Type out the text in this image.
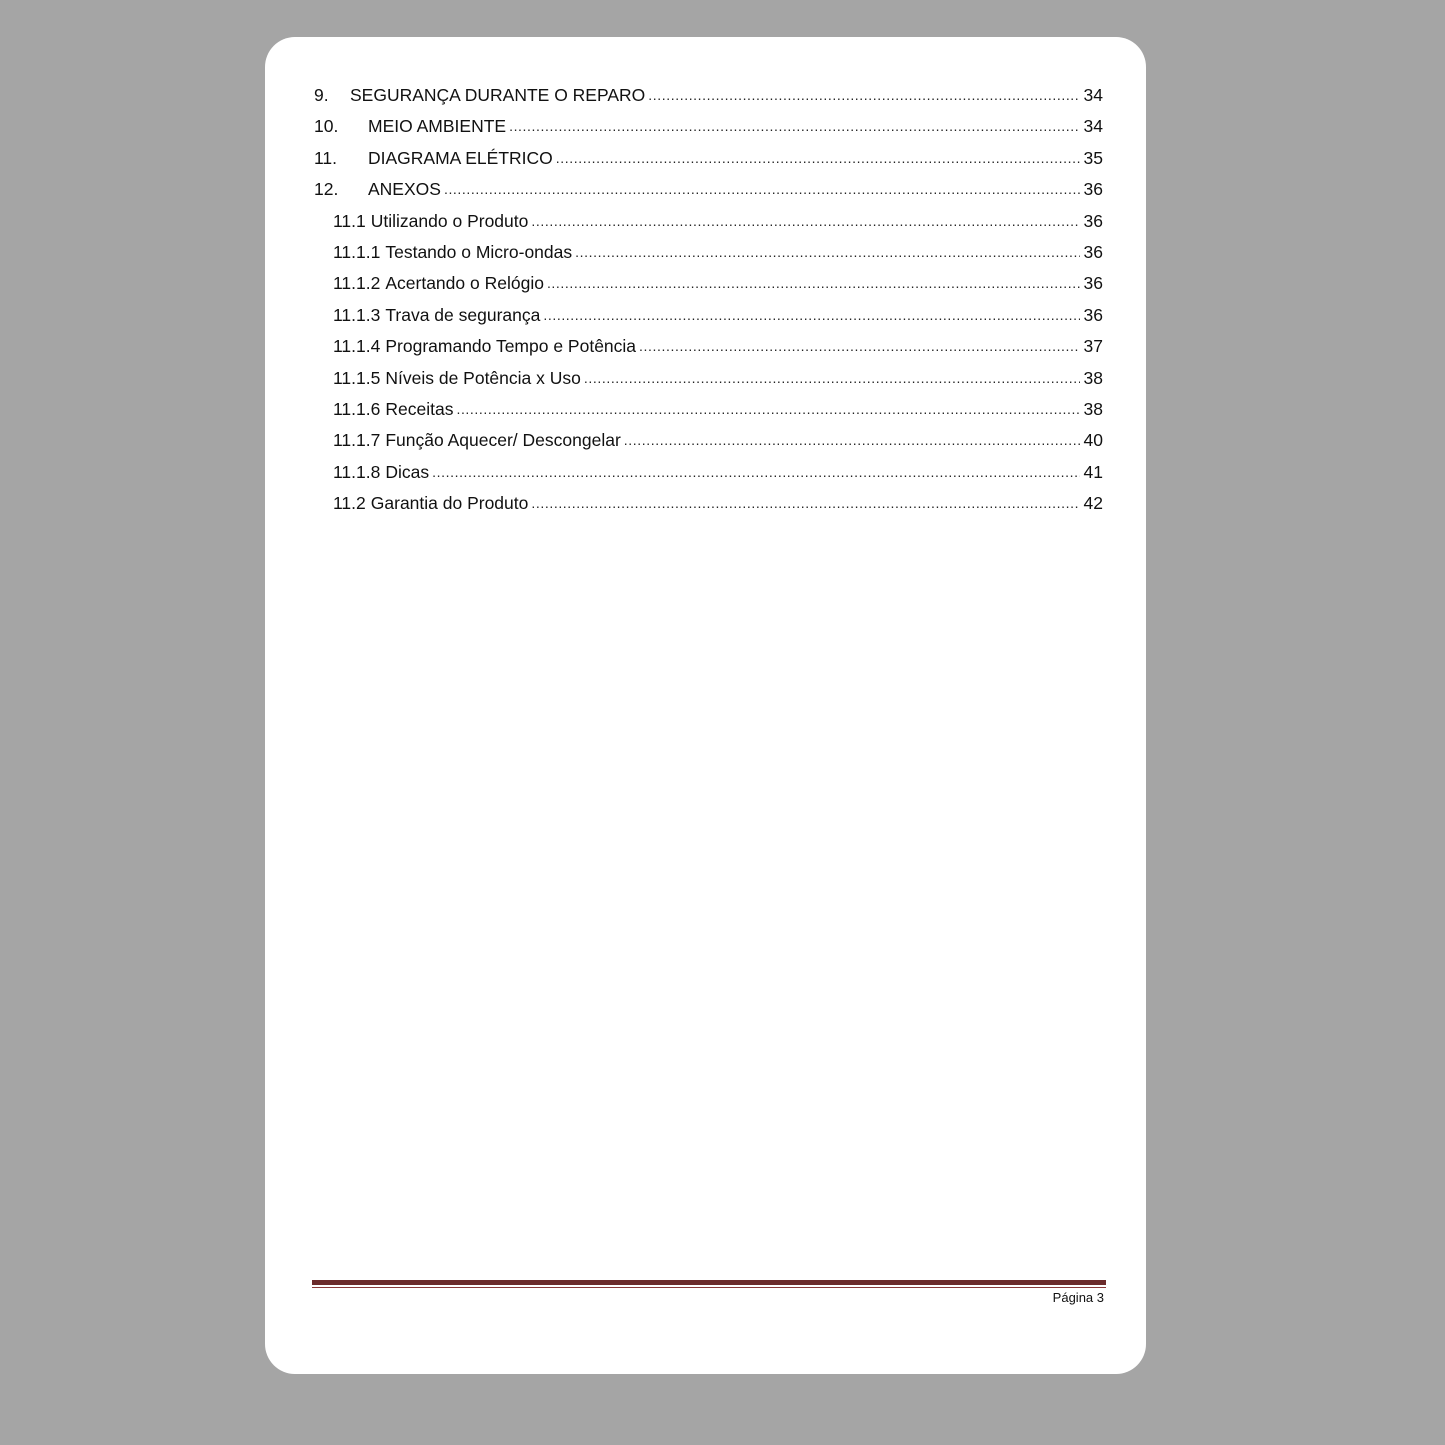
9.	SEGURANÇA DURANTE O REPARO .....	34
10.	MEIO AMBIENTE .....	34
11.	DIAGRAMA ELÉTRICO .....	35
12.	ANEXOS .....	36
11.1 Utilizando o Produto .....	36
11.1.1 Testando o Micro-ondas .....	36
11.1.2 Acertando o Relógio .....	36
11.1.3 Trava de segurança .....	36
11.1.4 Programando Tempo e Potência .....	37
11.1.5 Níveis de Potência x Uso .....	38
11.1.6 Receitas .....	38
11.1.7 Função Aquecer/ Descongelar .....	40
11.1.8 Dicas .....	41
11.2 Garantia do Produto .....	42
Página 3
